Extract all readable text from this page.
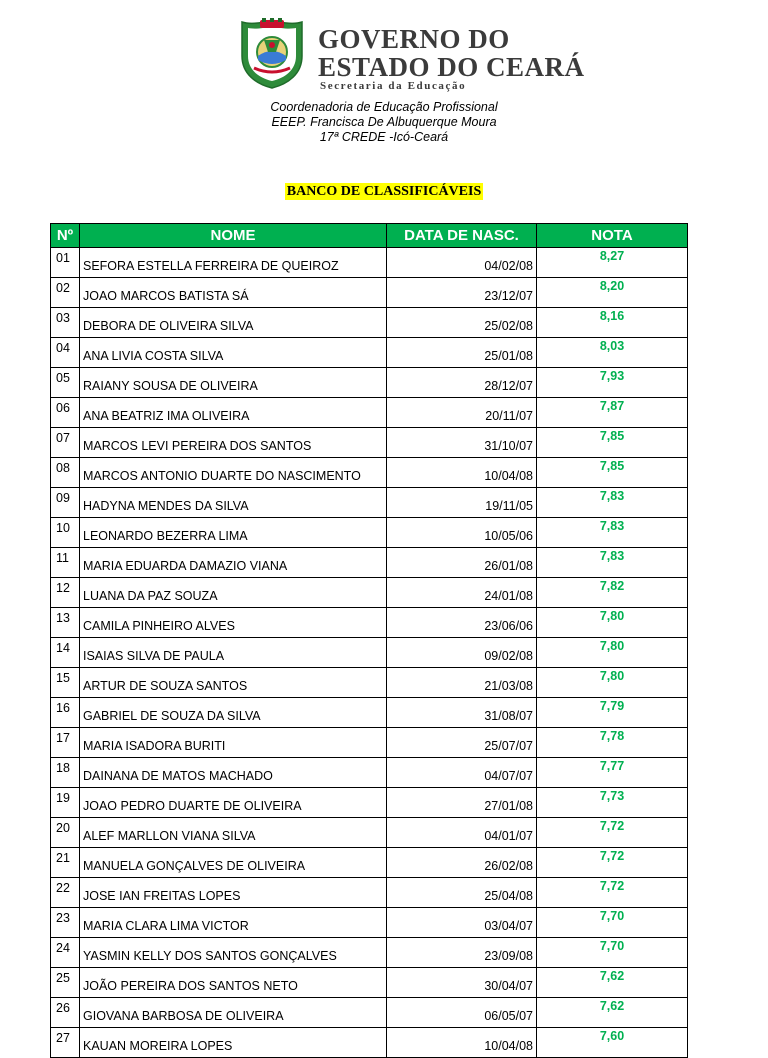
GOVERNO DO
ESTADO DO CEARÁ
Secretaria da Educação
Coordenadoria de Educação Profissional
EEEP. Francisca De Albuquerque Moura
17ª CREDE -Icó-Ceará
BANCO DE CLASSIFICÁVEIS
Nº	NOME	DATA DE NASC.	NOTA
01	SEFORA ESTELLA FERREIRA DE QUEIROZ	04/02/08	8,27
02	JOAO MARCOS BATISTA SÁ	23/12/07	8,20
03	DEBORA DE OLIVEIRA SILVA	25/02/08	8,16
04	ANA LIVIA COSTA SILVA	25/01/08	8,03
05	RAIANY SOUSA DE OLIVEIRA	28/12/07	7,93
06	ANA BEATRIZ IMA OLIVEIRA	20/11/07	7,87
07	MARCOS LEVI PEREIRA DOS SANTOS	31/10/07	7,85
08	MARCOS ANTONIO DUARTE DO NASCIMENTO	10/04/08	7,85
09	HADYNA MENDES DA SILVA	19/11/05	7,83
10	LEONARDO BEZERRA LIMA	10/05/06	7,83
11	MARIA EDUARDA DAMAZIO VIANA	26/01/08	7,83
12	LUANA DA PAZ SOUZA	24/01/08	7,82
13	CAMILA PINHEIRO ALVES	23/06/06	7,80
14	ISAIAS SILVA DE PAULA	09/02/08	7,80
15	ARTUR DE SOUZA SANTOS	21/03/08	7,80
16	GABRIEL DE SOUZA DA SILVA	31/08/07	7,79
17	MARIA ISADORA BURITI	25/07/07	7,78
18	DAINANA DE MATOS MACHADO	04/07/07	7,77
19	JOAO PEDRO DUARTE DE OLIVEIRA	27/01/08	7,73
20	ALEF MARLLON VIANA SILVA	04/01/07	7,72
21	MANUELA GONÇALVES DE OLIVEIRA	26/02/08	7,72
22	JOSE IAN FREITAS LOPES	25/04/08	7,72
23	MARIA CLARA LIMA VICTOR	03/04/07	7,70
24	YASMIN KELLY DOS SANTOS GONÇALVES	23/09/08	7,70
25	JOÃO PEREIRA DOS SANTOS NETO	30/04/07	7,62
26	GIOVANA BARBOSA DE OLIVEIRA	06/05/07	7,62
27	KAUAN MOREIRA LOPES	10/04/08	7,60
